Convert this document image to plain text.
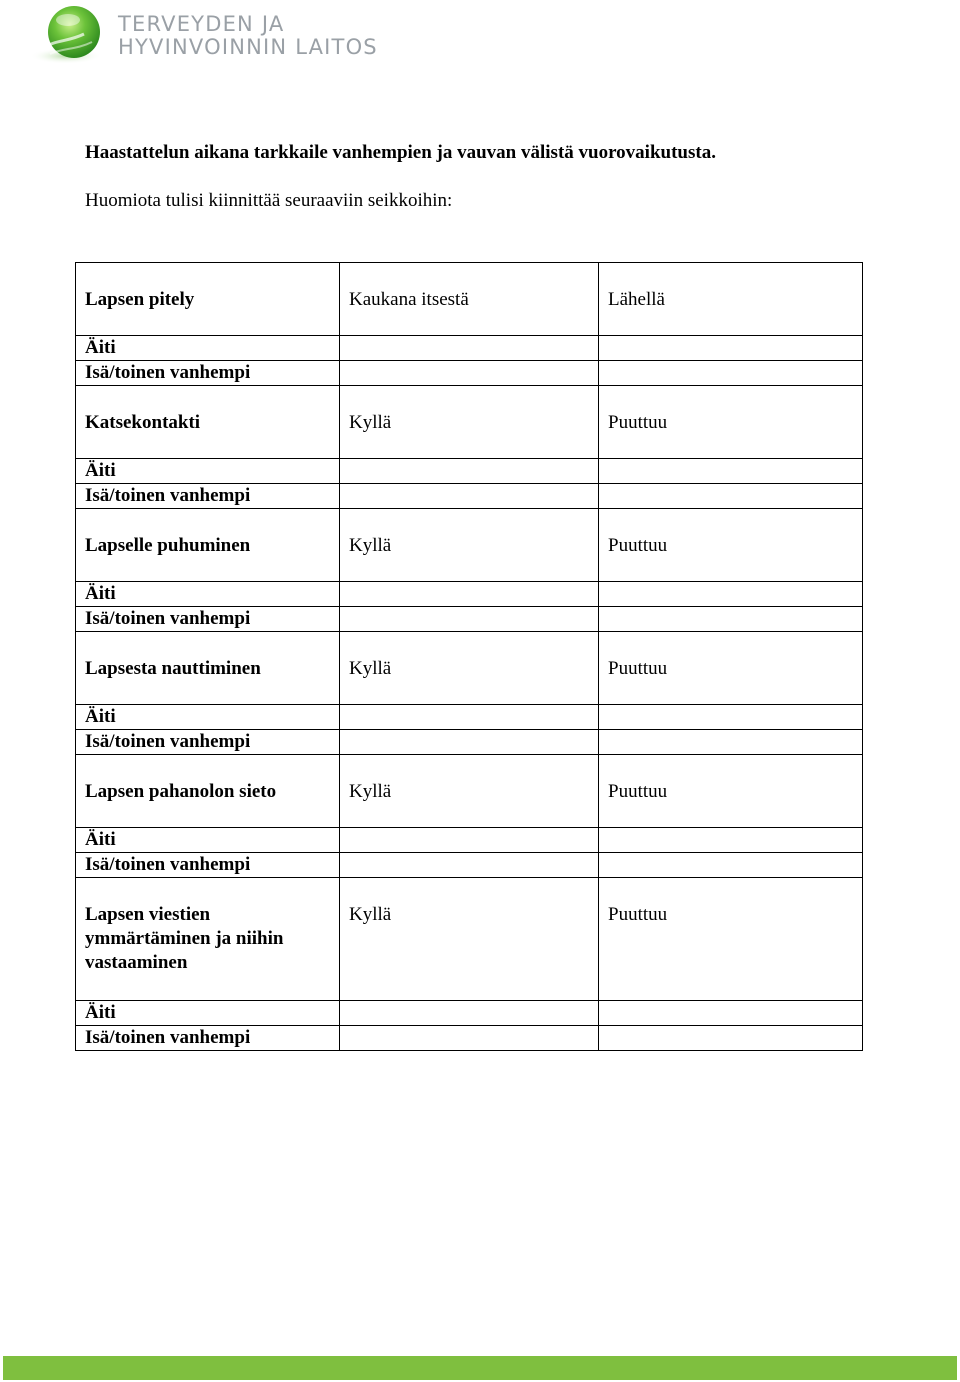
TERVEYDEN JA
HYVINVOINNIN LAITOS
Haastattelun aikana tarkkaile vanhempien ja vauvan välistä vuorovaikutusta.
Huomiota tulisi kiinnittää seuraaviin seikkoihin:
Lapsen pitely	Kaukana itsestä	Lähellä
Äiti		
Isä/toinen vanhempi		
Katsekontakti	Kyllä	Puuttuu
Äiti		
Isä/toinen vanhempi		
Lapselle puhuminen	Kyllä	Puuttuu
Äiti		
Isä/toinen vanhempi		
Lapsesta nauttiminen	Kyllä	Puuttuu
Äiti		
Isä/toinen vanhempi		
Lapsen pahanolon sieto	Kyllä	Puuttuu
Äiti		
Isä/toinen vanhempi		
Lapsen viestien ymmärtäminen ja niihin vastaaminen	Kyllä	Puuttuu
Äiti		
Isä/toinen vanhempi		
